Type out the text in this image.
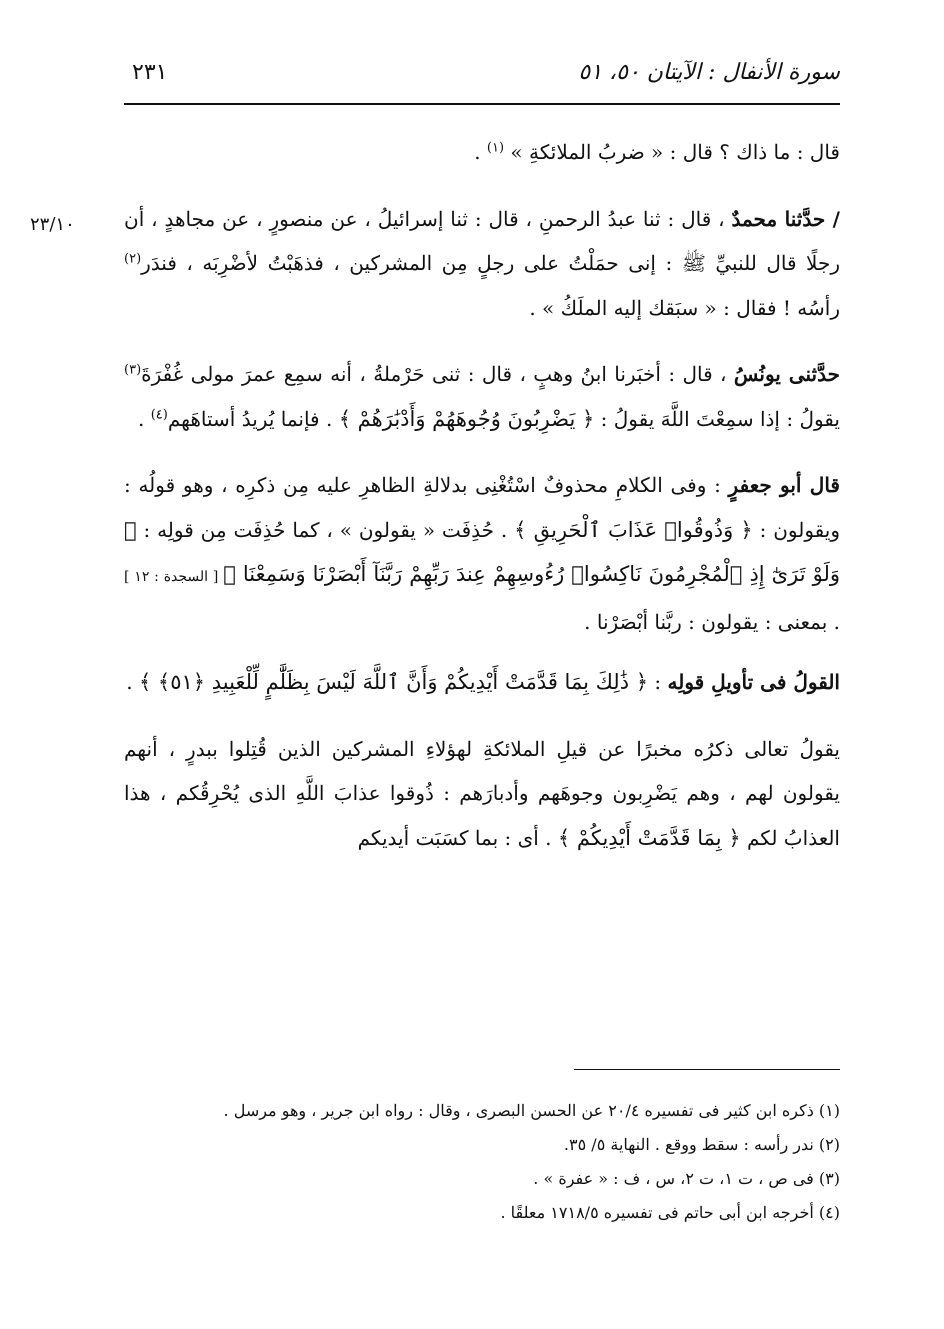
سورة الأنفال : الآيتان ٥٠، ٥١
٢٣١
٢٣/١٠

قال : ما ذاك ؟ قال : « ضربُ الملائكةِ » $^{(١)}$ .

/ حدَّثنا محمدٌ ، قال : ثنا عبدُ الرحمنِ ، قال : ثنا إسرائيلُ ، عن منصورٍ ، عن مجاهدٍ ، أن رجلًا قال للنبيِّ ﷺ : إنى حمَلْتُ على رجلٍ مِن المشركين ، فذهَبْتُ لأضْرِبَه ، فندَر$^{(٢)}$ رأسُه ! فقال : « سبَقك إليه الملَكُ » .

حدَّثنى يونُسُ ، قال : أخبَرنا ابنُ وهبٍ ، قال : ثنى حَرْملةُ ، أنه سمِع عمرَ مولى غُفْرَةَ$^{(٣)}$ يقولُ : إذا سمِعْتَ اللَّهَ يقولُ : ﴿ يَضْرِبُونَ وُجُوهَهُمْ وَأَدْبَٰرَهُمْ ﴾ . فإنما يُريدُ أستاهَهم$^{(٤)}$ .

قال أبو جعفرٍ : وفى الكلامِ محذوفٌ اسْتُغْنِى بدلالةِ الظاهرِ عليه مِن ذكرِه ، وهو قولُه : ويقولون : ﴿ وَذُوقُوا۟ عَذَابَ ٱلْحَرِيقِ ﴾ . حُذِفَت « يقولون » ، كما حُذِفَت مِن قولِه : ﴿ وَلَوْ تَرَىٰٓ إِذِ ٱلْمُجْرِمُونَ نَاكِسُوا۟ رُءُوسِهِمْ عِندَ رَبِّهِمْ رَبَّنَآ أَبْصَرْنَا وَسَمِعْنَا ﴾ [ السجدة : ١٢ ] . بمعنى : يقولون : ربَّنا أبْصَرْنا .

القولُ فى تأويلِ قولِه : ﴿ ذَٰلِكَ بِمَا قَدَّمَتْ أَيْدِيكُمْ وَأَنَّ ٱللَّهَ لَيْسَ بِظَلَّٰمٍ لِّلْعَبِيدِ ﴿٥١﴾ ﴾ .

يقولُ تعالى ذكرُه مخبرًا عن قيلِ الملائكةِ لهؤلاءِ المشركين الذين قُتِلوا ببدرٍ ، أنهم يقولون لهم ، وهم يَضْرِبون وجوهَهم وأدبارَهم : ذُوقوا عذابَ اللَّهِ الذى يُحْرِقُكم ، هذا العذابُ لكم ﴿ بِمَا قَدَّمَتْ أَيْدِيكُمْ ﴾ . أى : بما كسَبَت أيديكم

(١) ذكره ابن كثير فى تفسيره ٢٠/٤ عن الحسن البصرى ، وقال : رواه ابن جرير ، وهو مرسل .

(٢) ندر رأسه : سقط ووقع . النهاية ٥/ ٣٥.

(٣) فى ص ، ت ١، ت ٢، س ، ف : « عفرة » .

(٤) أخرجه ابن أبى حاتم فى تفسيره ١٧١٨/٥ معلقًا .
